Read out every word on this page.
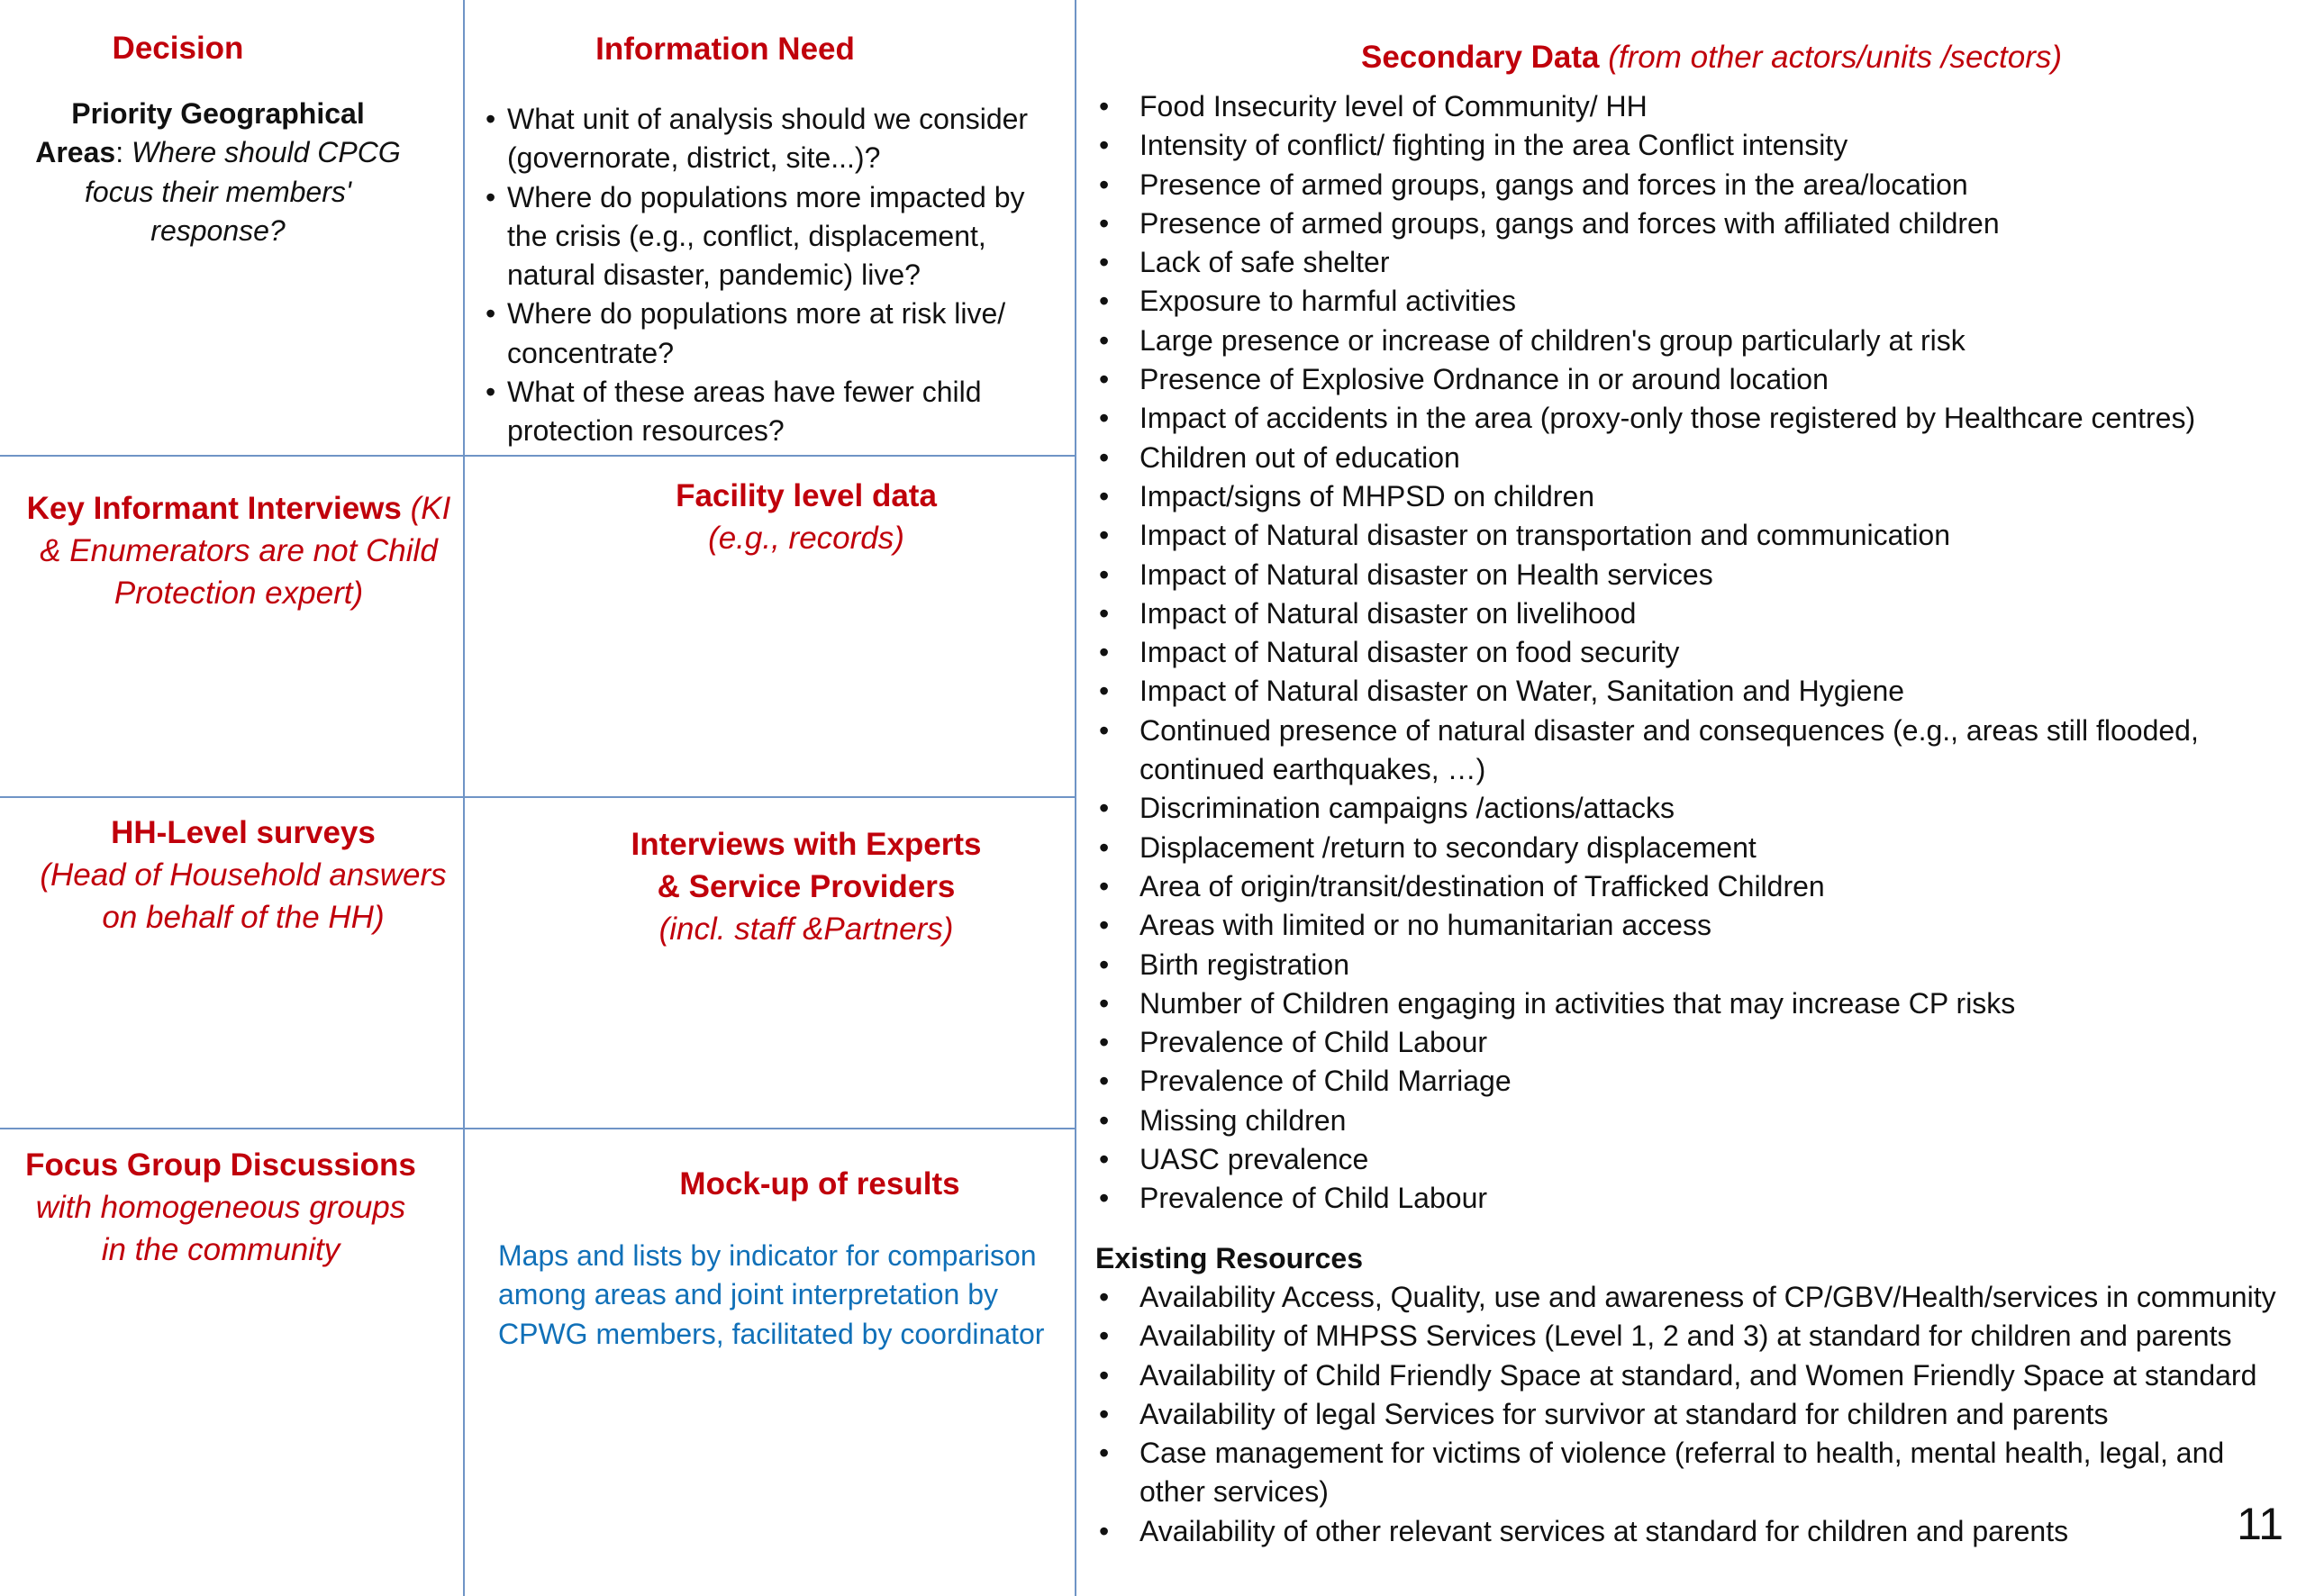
Decision
Priority Geographical
Areas: Where should CPCG focus their members' response?
Information Need
• What unit of analysis should we consider (governorate, district, site...)?
• Where do populations more impacted by the crisis (e.g., conflict, displacement, natural disaster, pandemic) live?
• Where do populations more at risk live/ concentrate?
• What of these areas have fewer child protection resources?
Key Informant Interviews (KI & Enumerators are not Child Protection expert)
Facility level data
(e.g., records)
HH-Level surveys
(Head of Household answers on behalf of the HH)
Interviews with Experts
& Service Providers
(incl. staff &Partners)
Focus Group Discussions
with homogeneous groups
in the community
Mock-up of results
Maps and lists by indicator for comparison among areas and joint interpretation by CPWG members, facilitated by coordinator
Secondary Data (from other actors/units /sectors)
• Food Insecurity level of Community/ HH
• Intensity of conflict/ fighting in the area Conflict intensity
• Presence of armed groups, gangs and forces in the area/location
• Presence of armed groups, gangs and forces with affiliated children
• Lack of safe shelter
• Exposure to harmful activities
• Large presence or increase of children's group particularly at risk
• Presence of Explosive Ordnance in or around location
• Impact of accidents in the area (proxy-only those registered by Healthcare centres)
• Children out of education
• Impact/signs of MHPSD on children
• Impact of Natural disaster on transportation and communication
• Impact of Natural disaster on Health services
• Impact of Natural disaster on livelihood
• Impact of Natural disaster on food security
• Impact of Natural disaster on Water, Sanitation and Hygiene
• Continued presence of natural disaster and consequences (e.g., areas still flooded, continued earthquakes, …)
• Discrimination campaigns /actions/attacks
• Displacement /return to secondary displacement
• Area of origin/transit/destination of Trafficked Children
• Areas with limited or no humanitarian access
• Birth registration
• Number of Children engaging in activities that may increase CP risks
• Prevalence of Child Labour
• Prevalence of Child Marriage
• Missing children
• UASC prevalence
• Prevalence of Child Labour
Existing Resources
• Availability Access, Quality, use and awareness of CP/GBV/Health/services in community
• Availability of MHPSS Services (Level 1, 2 and 3) at standard for children and parents
• Availability of Child Friendly Space at standard, and Women Friendly Space at standard
• Availability of legal Services for survivor at standard for children and parents
• Case management for victims of violence (referral to health, mental health, legal, and other services)
• Availability of other relevant services at standard for children and parents	11
